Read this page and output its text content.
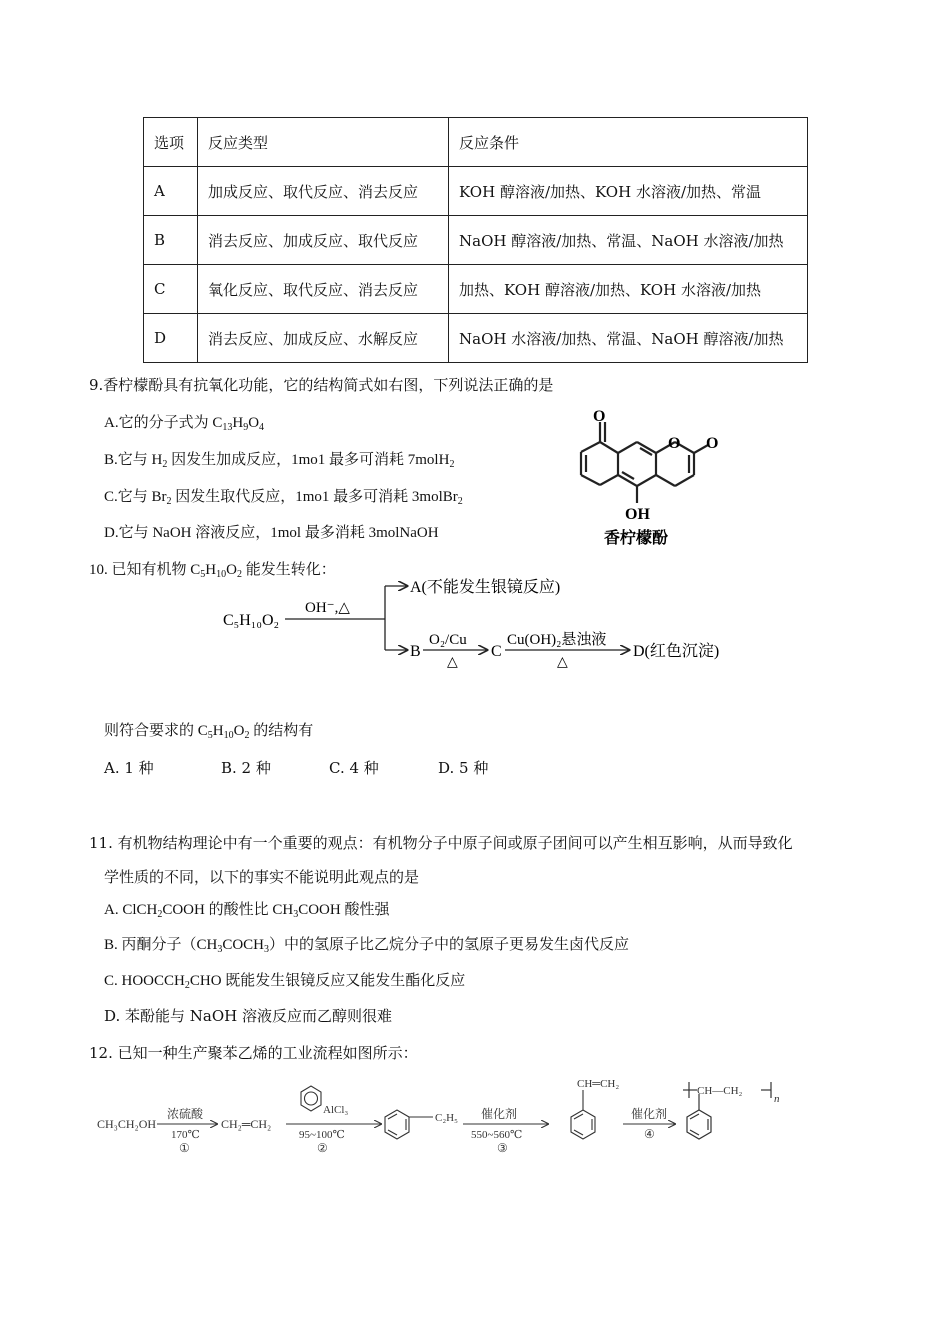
选项	反应类型	反应条件
A	加成反应、取代反应、消去反应	KOH 醇溶液/加热、KOH 水溶液/加热、常温
B	消去反应、加成反应、取代反应	NaOH 醇溶液/加热、常温、NaOH 水溶液/加热
C	氧化反应、取代反应、消去反应	加热、KOH 醇溶液/加热、KOH 水溶液/加热
D	消去反应、加成反应、水解反应	NaOH 水溶液/加热、常温、NaOH 醇溶液/加热
9.香柠檬酚具有抗氧化功能，它的结构简式如右图，下列说法正确的是
A.它的分子式为 $C_{13}H_9O_4$
B.它与 $H_2$ 因发生加成反应，1mo1 最多可消耗 7molH$_2$
C.它与 $Br_2$ 因发生取代反应，1mo1 最多可消耗 3molBr$_2$
D.它与 NaOH 溶液反应，1mol 最多消耗 3molNaOH
O
O O
OH
香柠檬酚
10. 已知有机物 $C_5H_{10}O_2$ 能发生转化：
C₅H₁₀O₂
OH⁻,△
A(不能发生银镜反应)
B
O₂/Cu
△
C
Cu(OH)₂悬浊液
△
D(红色沉淀)
则符合要求的 $C_5H_{10}O_2$ 的结构有
A. 1 种	B. 2 种	C. 4 种	D. 5 种
11. 有机物结构理论中有一个重要的观点：有机物分子中原子间或原子团间可以产生相互影响，从而导致化
学性质的不同，以下的事实不能说明此观点的是
A. ClCH$_2$COOH 的酸性比 $CH_3COOH$ 酸性强
B. 丙酮分子$(CH_3COCH_3)$中的氢原子比乙烷分子中的氢原子更易发生卤代反应
C. $HOOCCH_2CHO$ 既能发生银镜反应又能发生酯化反应
D. 苯酚能与 NaOH 溶液反应而乙醇则很难
12. 已知一种生产聚苯乙烯的工业流程如图所示：
CH₃CH₂OH
浓硫酸
170℃
①
CH₂═CH₂
AlCl₃
95~100℃
②
C₂H₅ 催化剂
550~560℃
③
CH═CH₂
催化剂
④
CH—CH₂
n
